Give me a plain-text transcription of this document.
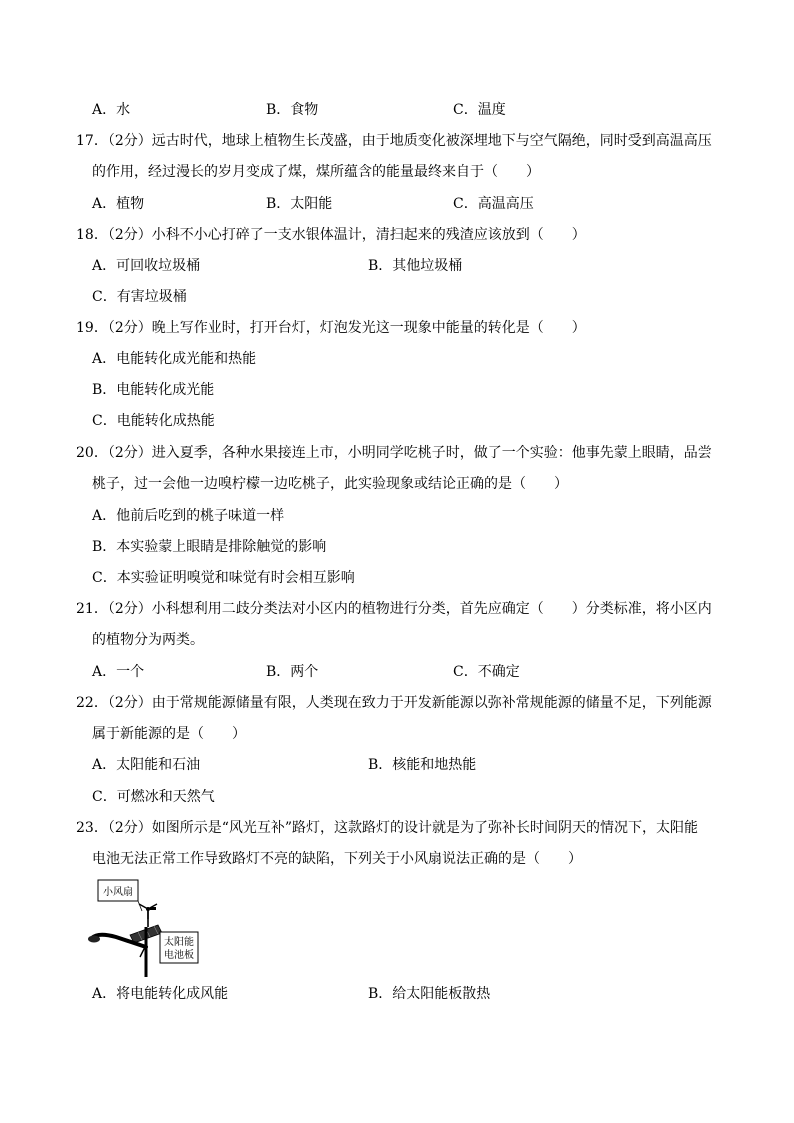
A．水	B．食物	C．温度
17．（2分）远古时代，地球上植物生长茂盛，由于地质变化被深埋地下与空气隔绝，同时受到高温高压
的作用，经过漫长的岁月变成了煤，煤所蕴含的能量最终来自于（　　）
A．植物	B．太阳能	C．高温高压
18．（2分）小科不小心打碎了一支水银体温计，清扫起来的残渣应该放到（　　）
A．可回收垃圾桶	B．其他垃圾桶
C．有害垃圾桶
19．（2分）晚上写作业时，打开台灯，灯泡发光这一现象中能量的转化是（　　）
A．电能转化成光能和热能
B．电能转化成光能
C．电能转化成热能
20．（2分）进入夏季，各种水果接连上市，小明同学吃桃子时，做了一个实验：他事先蒙上眼睛，品尝
桃子，过一会他一边嗅柠檬一边吃桃子，此实验现象或结论正确的是（　　）
A．他前后吃到的桃子味道一样
B．本实验蒙上眼睛是排除触觉的影响
C．本实验证明嗅觉和味觉有时会相互影响
21．（2分）小科想利用二歧分类法对小区内的植物进行分类，首先应确定（　　）分类标准，将小区内
的植物分为两类。
A．一个	B．两个	C．不确定
22．（2分）由于常规能源储量有限，人类现在致力于开发新能源以弥补常规能源的储量不足，下列能源
属于新能源的是（　　）
A．太阳能和石油	B．核能和地热能
C．可燃冰和天然气
23．（2分）如图所示是“风光互补”路灯，这款路灯的设计就是为了弥补长时间阴天的情况下，太阳能
电池无法正常工作导致路灯不亮的缺陷，下列关于小风扇说法正确的是（　　）
小风扇
太阳能
电池板
A．将电能转化成风能	B．给太阳能板散热
